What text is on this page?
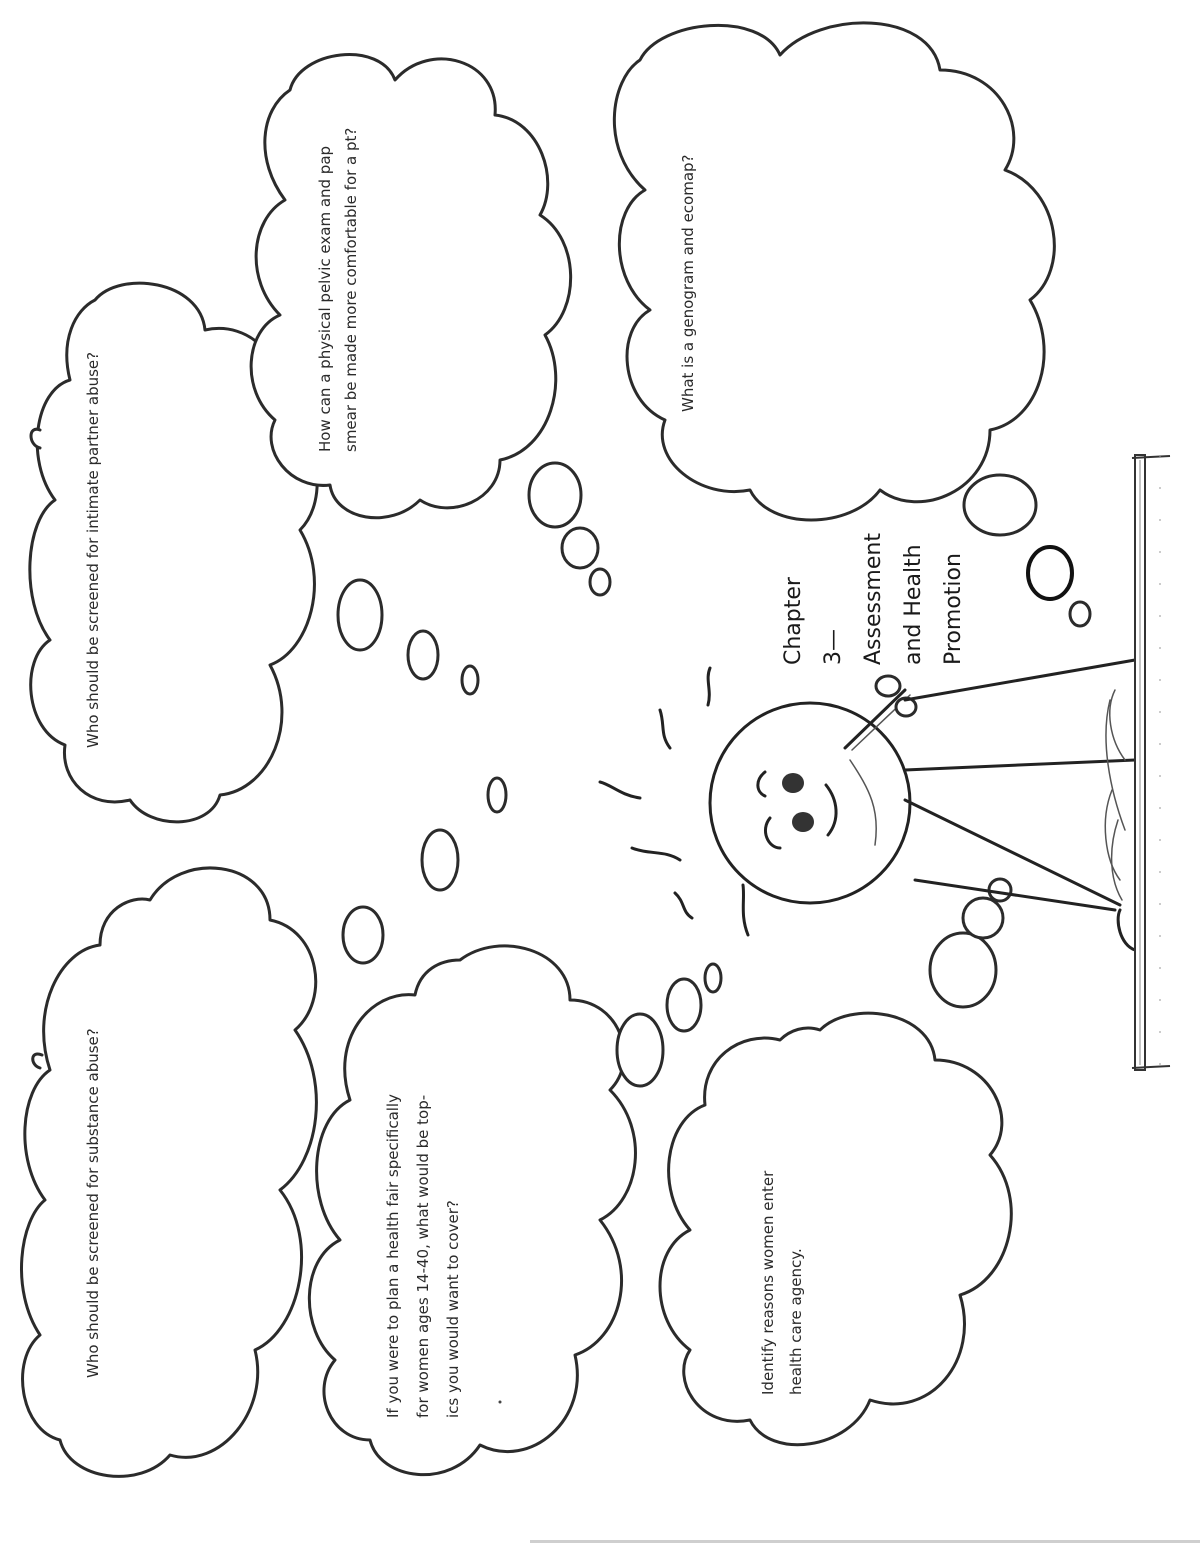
Who should be screened for substance abuse?
Who should be screened for intimate partner abuse?
How can a physical pelvic exam and pap smear be made more comfortable for a pt?	What is a genogram and ecomap?
If you were to plan a health fair specifically for women ages 14-40, what would be top- ics you would want to cover?	Identify reasons women enter health care agency.
Chapter 3— Assessment and Health Promotion
